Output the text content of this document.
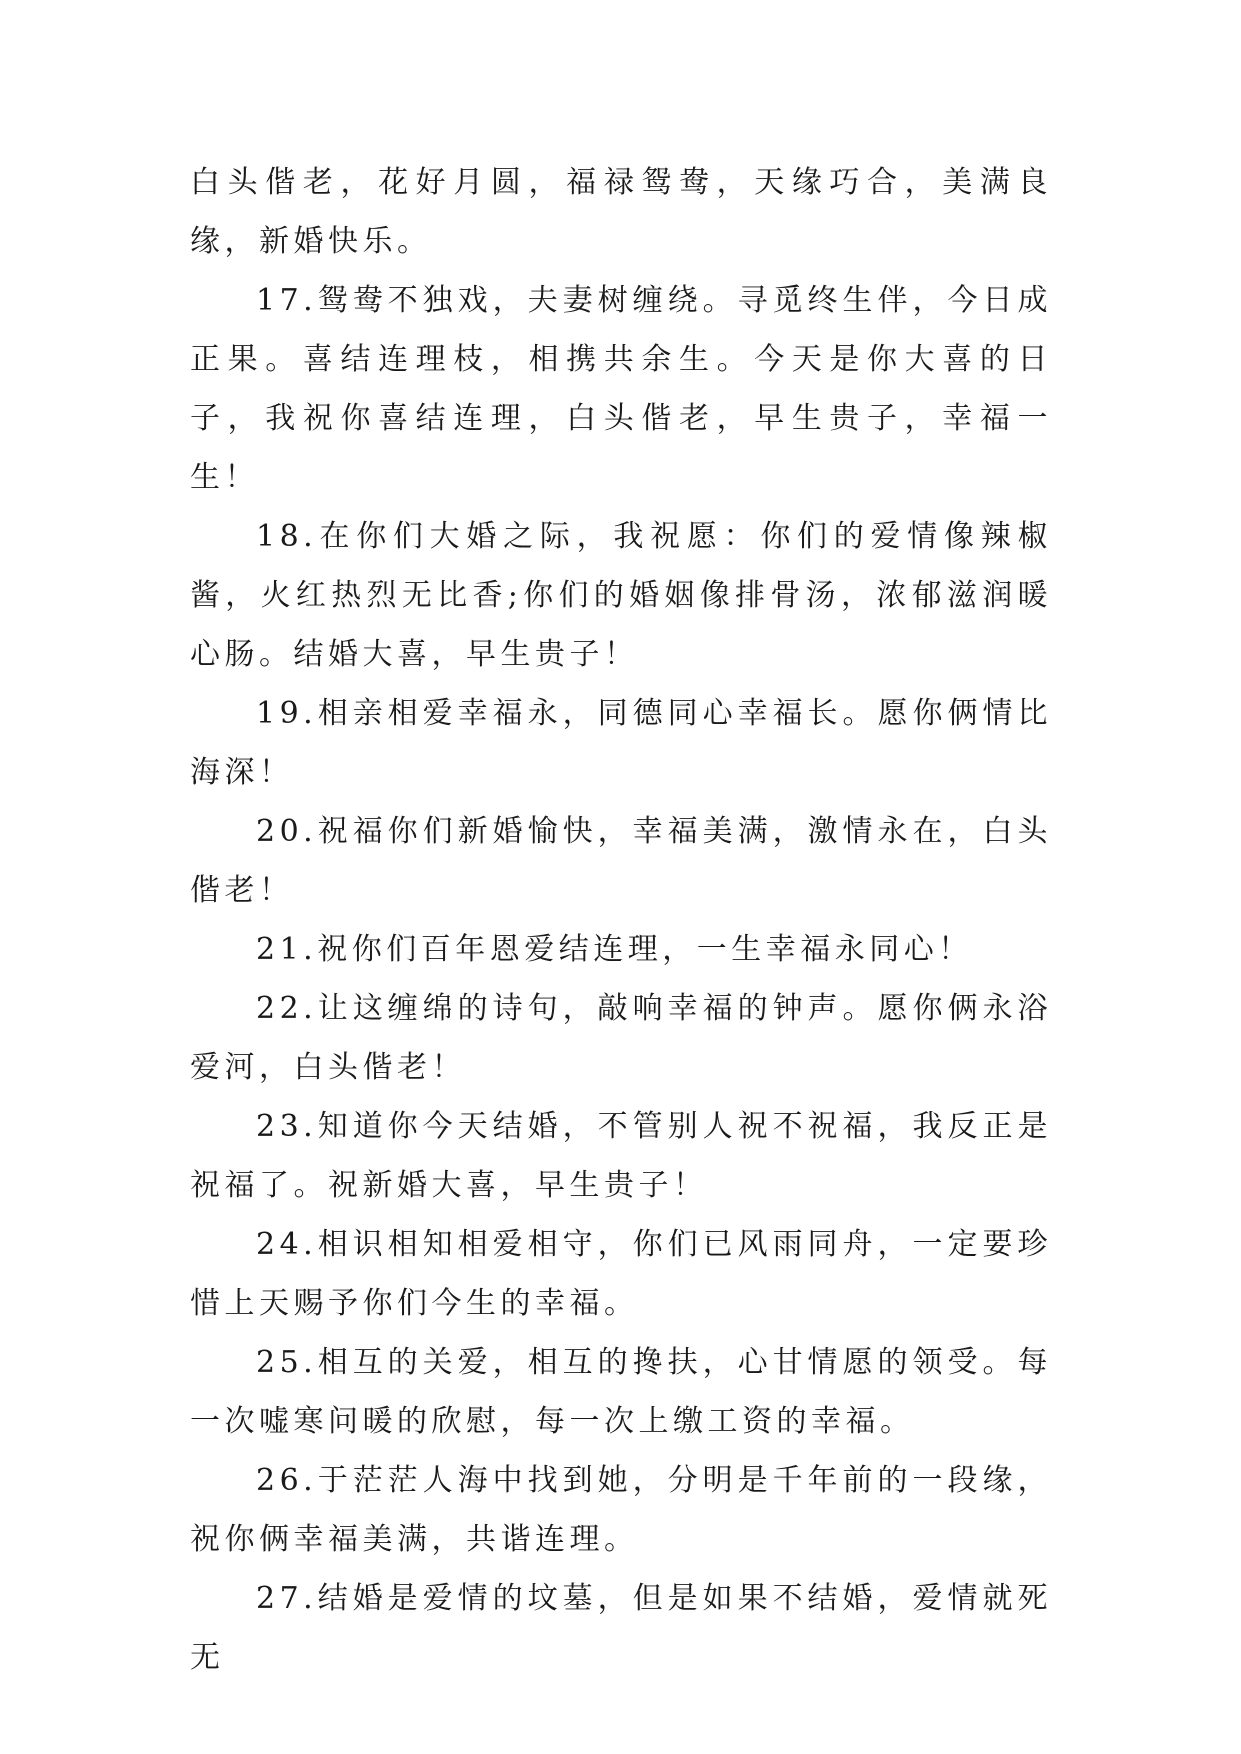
白头偕老，花好月圆，福禄鸳鸯，天缘巧合，美满良缘，新婚快乐。

17.鸳鸯不独戏，夫妻树缠绕。寻觅终生伴，今日成正果。喜结连理枝，相携共余生。今天是你大喜的日子，我祝你喜结连理，白头偕老，早生贵子，幸福一生！

18.在你们大婚之际，我祝愿：你们的爱情像辣椒酱，火红热烈无比香;你们的婚姻像排骨汤，浓郁滋润暖心肠。结婚大喜，早生贵子！

19.相亲相爱幸福永，同德同心幸福长。愿你俩情比海深！

20.祝福你们新婚愉快，幸福美满，激情永在，白头偕老！

21.祝你们百年恩爱结连理，一生幸福永同心！

22.让这缠绵的诗句，敲响幸福的钟声。愿你俩永浴爱河，白头偕老！

23.知道你今天结婚，不管别人祝不祝福，我反正是祝福了。祝新婚大喜，早生贵子！

24.相识相知相爱相守，你们已风雨同舟，一定要珍惜上天赐予你们今生的幸福。

25.相互的关爱，相互的搀扶，心甘情愿的领受。每一次嘘寒问暖的欣慰，每一次上缴工资的幸福。

26.于茫茫人海中找到她，分明是千年前的一段缘，祝你俩幸福美满，共谐连理。

27.结婚是爱情的坟墓，但是如果不结婚，爱情就死无
